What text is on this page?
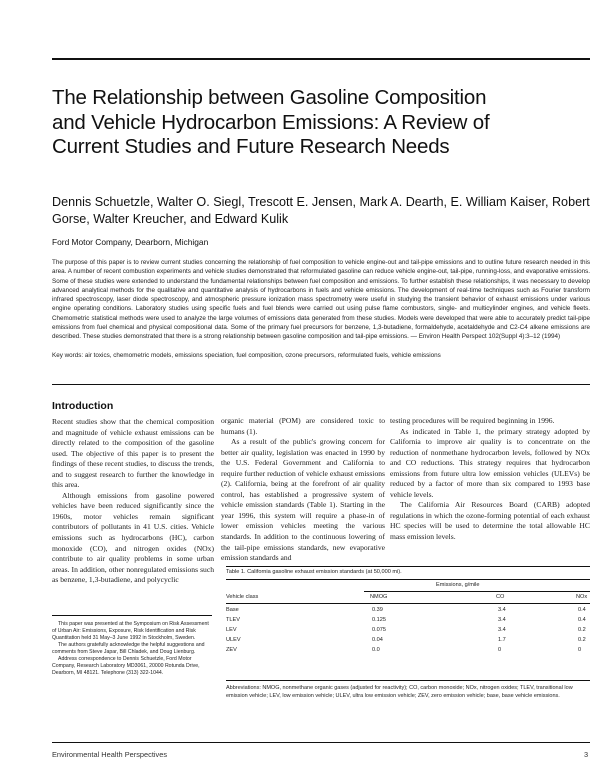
The Relationship between Gasoline Composition and Vehicle Hydrocarbon Emissions: A Review of Current Studies and Future Research Needs
Dennis Schuetzle, Walter O. Siegl, Trescott E. Jensen, Mark A. Dearth, E. William Kaiser, Robert Gorse, Walter Kreucher, and Edward Kulik
Ford Motor Company, Dearborn, Michigan
The purpose of this paper is to review current studies concerning the relationship of fuel composition to vehicle engine-out and tail-pipe emissions and to outline future research needed in this area. A number of recent combustion experiments and vehicle studies demonstrated that reformulated gasoline can reduce vehicle engine-out, tail-pipe, running-loss, and evaporative emissions. Some of these studies were extended to understand the fundamental relationships between fuel composition and emissions. To further establish these relationships, it was necessary to develop advanced analytical methods for the qualitative and quantitative analysis of hydrocarbons in fuels and vehicle emissions. The development of real-time techniques such as Fourier transform infrared spectroscopy, laser diode spectroscopy, and atmospheric pressure ionization mass spectrometry were useful in studying the transient behavior of exhaust emissions under various engine operating conditions. Laboratory studies using specific fuels and fuel blends were carried out using pulse flame combustors, single- and multicylinder engines, and vehicle fleets. Chemometric statistical methods were used to analyze the large volumes of emissions data generated from these studies. Models were developed that were able to accurately predict tail-pipe emissions from fuel chemical and physical compositional data. Some of the primary fuel precursors for benzene, 1,3-butadiene, formaldehyde, acetaldehyde and C2-C4 alkene emissions are described. These studies demonstrated that there is a strong relationship between gasoline composition and tail-pipe emissions. — Environ Health Perspect 102(Suppl 4):3–12 (1994)
Key words: air toxics, chemometric models, emissions speciation, fuel composition, ozone precursors, reformulated fuels, vehicle emissions
Introduction

Recent studies show that the chemical composition and magnitude of vehicle exhaust emissions can be directly related to the composition of the gasoline used. The objective of this paper is to present the findings of these recent studies, to discuss the trends, and to suggest research to further the knowledge in this area.

Although emissions from gasoline powered vehicles have been reduced significantly since the 1960s, motor vehicles remain significant contributors of pollutants in 41 U.S. cities. Vehicle emissions such as hydrocarbons (HC), carbon monoxide (CO), and nitrogen oxides (NOx) contribute to air quality problems in some urban areas. In addition, other nonregulated emissions such as benzene, 1,3-butadiene, and polycyclic

organic material (POM) are considered toxic to humans (1).

As a result of the public's growing concern for better air quality, legislation was enacted in 1990 by the U.S. Federal Government and California to require further reduction of vehicle exhaust emissions (2). California, being at the forefront of air quality control, has established a progressive system of vehicle emission standards (Table 1). Starting in the year 1996, this system will require a phase-in of lower emission vehicles meeting the various standards. In addition to the continuous lowering of the tail-pipe emissions standards, new evaporative emission standards and

testing procedures will be required beginning in 1996.

As indicated in Table 1, the primary strategy adopted by California to improve air quality is to concentrate on the reduction of nonmethane hydrocarbon levels, followed by NOx and CO reductions. This strategy requires that hydrocarbon emissions from future ultra low emission vehicles (ULEVs) be reduced by a factor of more than six compared to 1993 base vehicle levels.

The California Air Resources Board (CARB) adopted regulations in which the ozone-forming potential of each exhaust HC species will be used to determine the total allowable HC mass emission levels.

This paper was presented at the Symposium on Risk Assessment of Urban Air: Emissions, Exposure, Risk Identification and Risk Quantitation held 31 May–3 June 1992 in Stockholm, Sweden.

The authors gratefully acknowledge the helpful suggestions and comments from Steve Japar, Bill Chladek, and Doug Lienburg.

Address correspondence to Dennis Schuetzle, Ford Motor Company, Research Laboratory MD3061, 20000 Rotunda Drive, Dearborn, MI 48121. Telephone (313) 322-1044.

Table 1. California gasoline exhaust emission standards (at 50,000 mi).
Emissions, g/mile
Vehicle class	NMOG	CO	NOx
Base	0.39	3.4	0.4
TLEV	0.125	3.4	0.4
LEV	0.075	3.4	0.2
ULEV	0.04	1.7	0.2
ZEV	0.0	0	0
Abbreviations: NMOG, nonmethane organic gases (adjusted for reactivity); CO, carbon monoxide; NOx, nitrogen oxides; TLEV, transitional low emission vehicle; LEV, low emission vehicle; ULEV, ultra low emission vehicle; ZEV, zero emission vehicle; base, base vehicle emissions.
Environmental Health Perspectives	3
